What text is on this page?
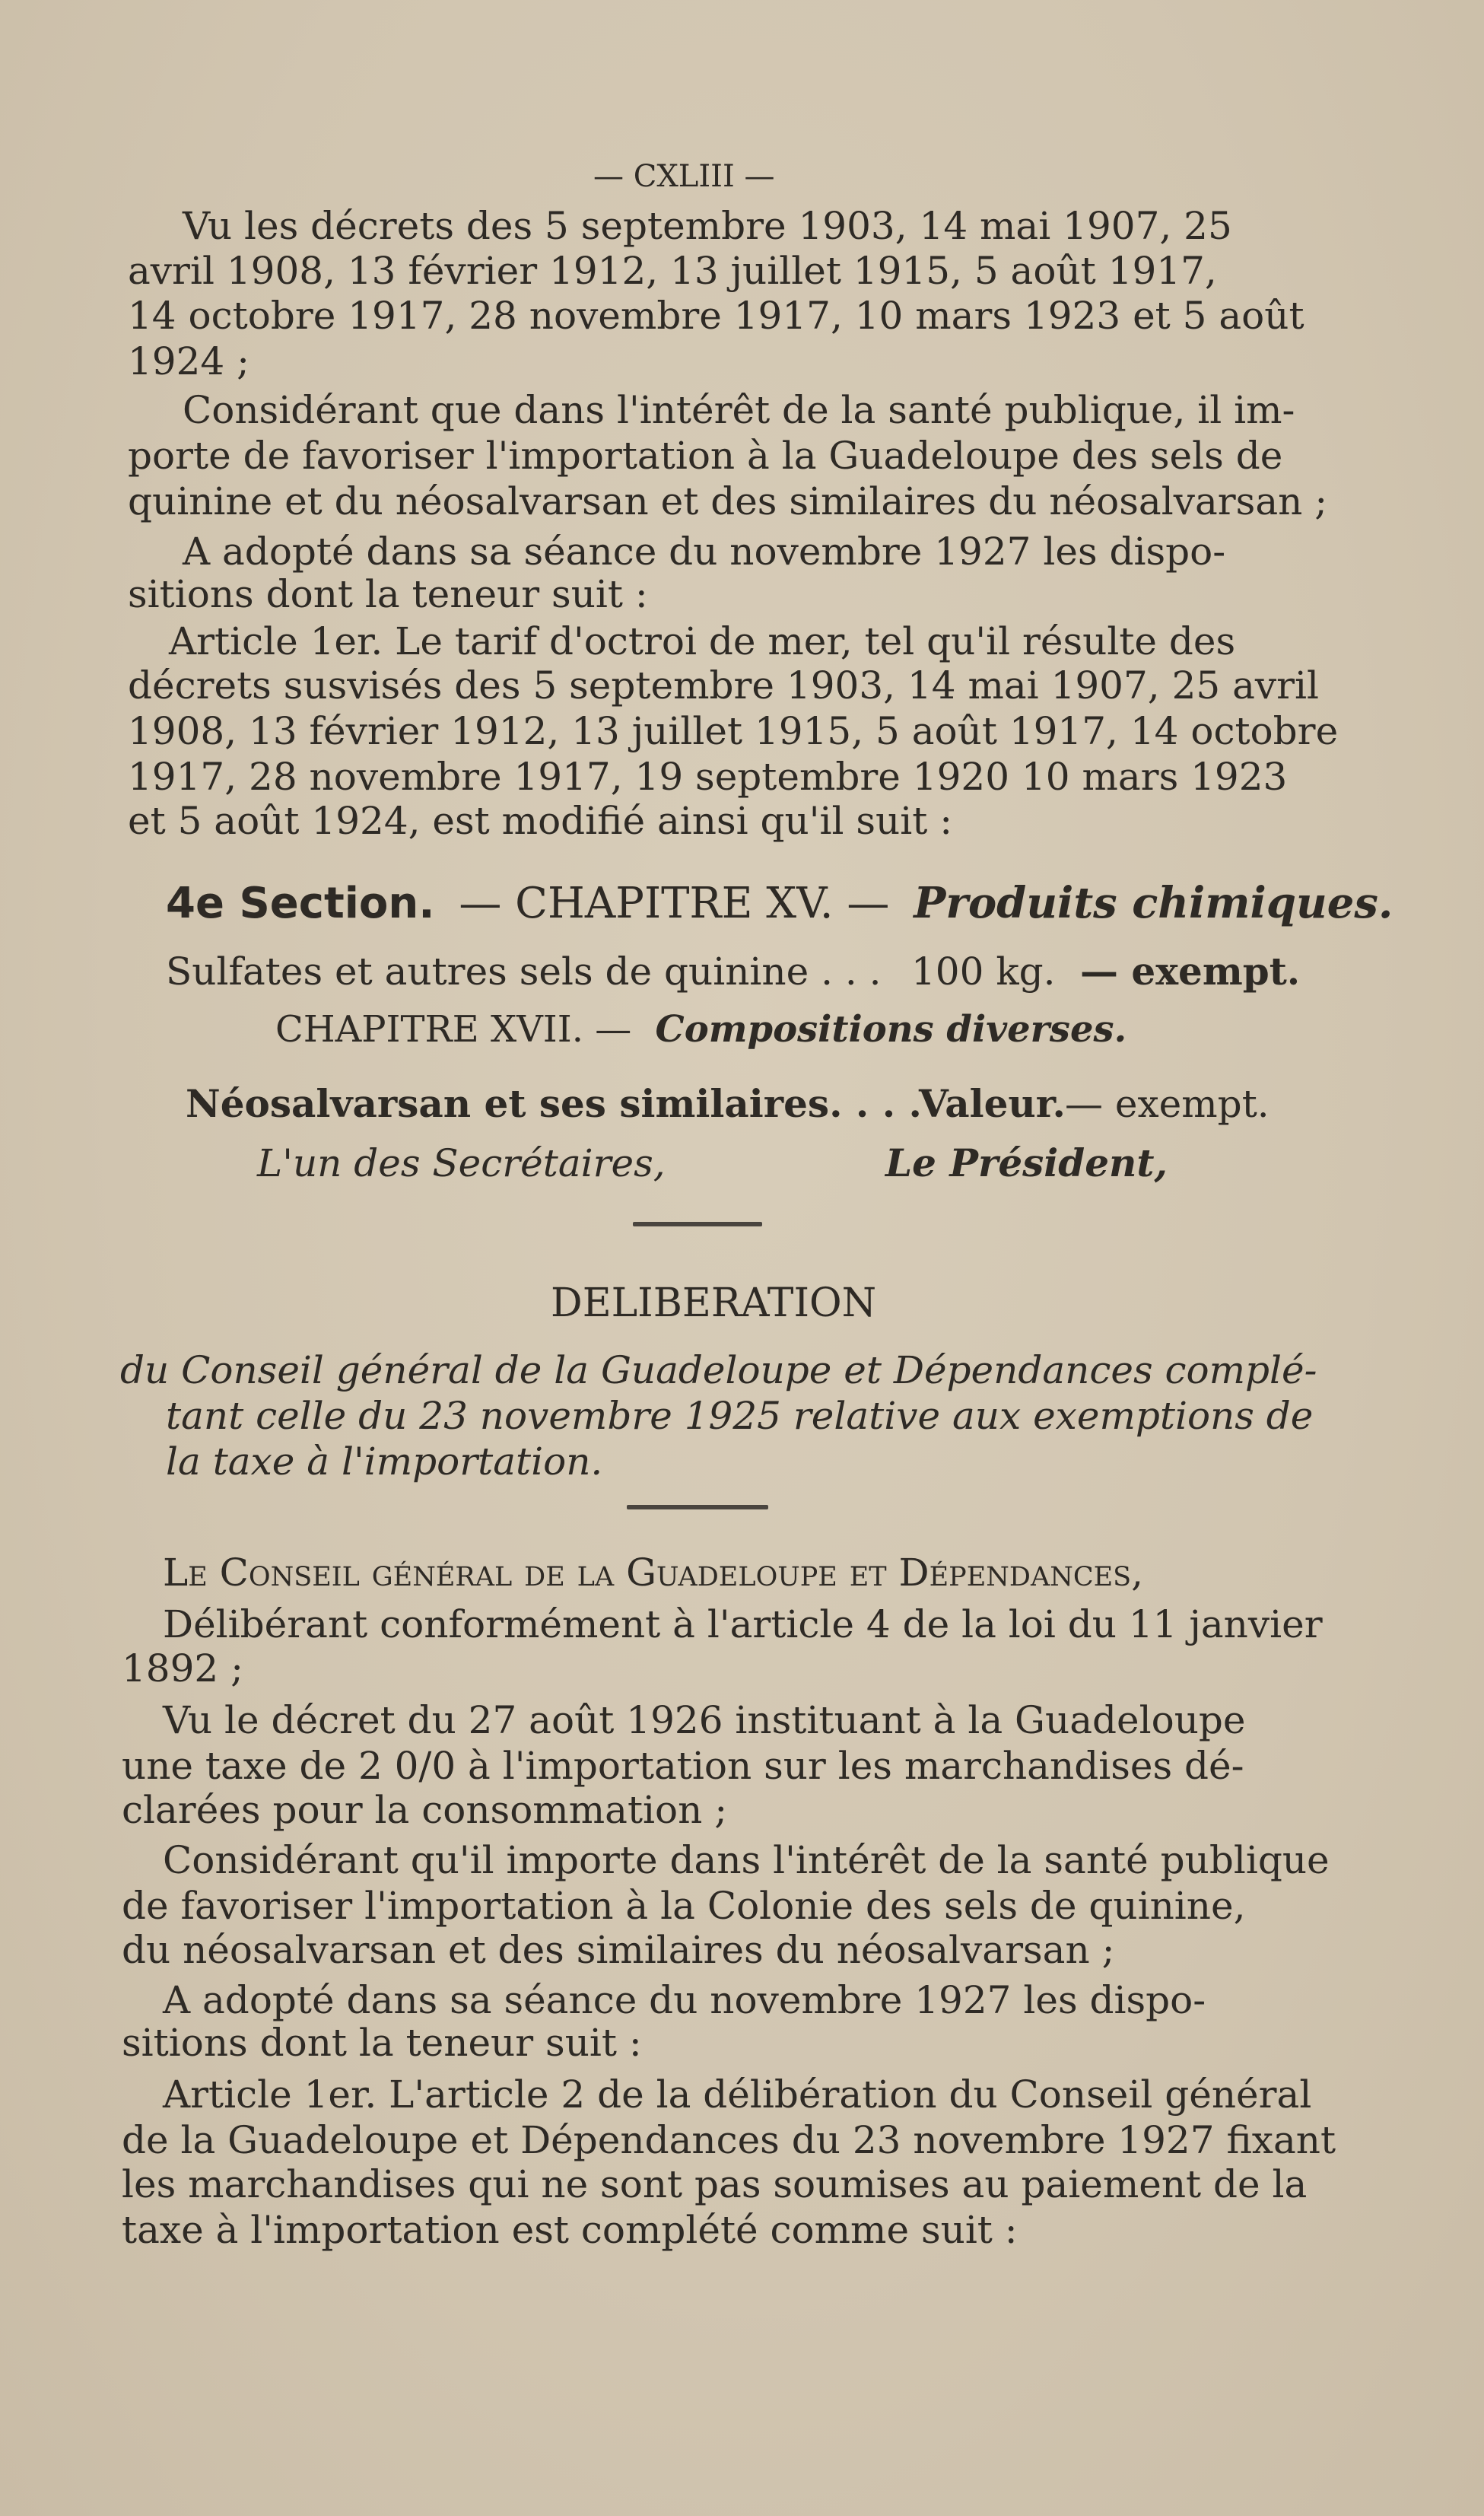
— CXLIII —
Vu les décrets des 5 septembre 1903, 14 mai 1907, 25
avril 1908, 13 février 1912, 13 juillet 1915, 5 août 1917,
14 octobre 1917, 28 novembre 1917, 10 mars 1923 et 5 août
1924 ;
Considérant que dans l'intérêt de la santé publique, il im-
porte de favoriser l'importation à la Guadeloupe des sels de
quinine et du néosalvarsan et des similaires du néosalvarsan ;
A adopté dans sa séance du novembre 1927 les dispo-
sitions dont la teneur suit :
Article 1er. Le tarif d'octroi de mer, tel qu'il résulte des
décrets susvisés des 5 septembre 1903, 14 mai 1907, 25 avril
1908, 13 février 1912, 13 juillet 1915, 5 août 1917, 14 octobre
1917, 28 novembre 1917, 19 septembre 1920 10 mars 1923
et 5 août 1924, est modifié ainsi qu'il suit :
4e Section. — CHAPITRE XV. — Produits chimiques.
Sulfates et autres sels de quinine . . . 100 kg. — exempt.
CHAPITRE XVII. — Compositions diverses.
Néosalvarsan et ses similaires. . . .
Valeur. — exempt.
L'un des Secrétaires,	Le Président,
DELIBERATION
du Conseil général de la Guadeloupe et Dépendances complé-
tant celle du 23 novembre 1925 relative aux exemptions de
la taxe à l'importation.
Le Conseil général de la Guadeloupe et Dépendances,
Délibérant conformément à l'article 4 de la loi du 11 janvier
1892 ;
Vu le décret du 27 août 1926 instituant à la Guadeloupe
une taxe de 2 0/0 à l'importation sur les marchandises dé-
clarées pour la consommation ;
Considérant qu'il importe dans l'intérêt de la santé publique
de favoriser l'importation à la Colonie des sels de quinine,
du néosalvarsan et des similaires du néosalvarsan ;
A adopté dans sa séance du novembre 1927 les dispo-
sitions dont la teneur suit :
Article 1er. L'article 2 de la délibération du Conseil général
de la Guadeloupe et Dépendances du 23 novembre 1927 fixant
les marchandises qui ne sont pas soumises au paiement de la
taxe à l'importation est complété comme suit :
